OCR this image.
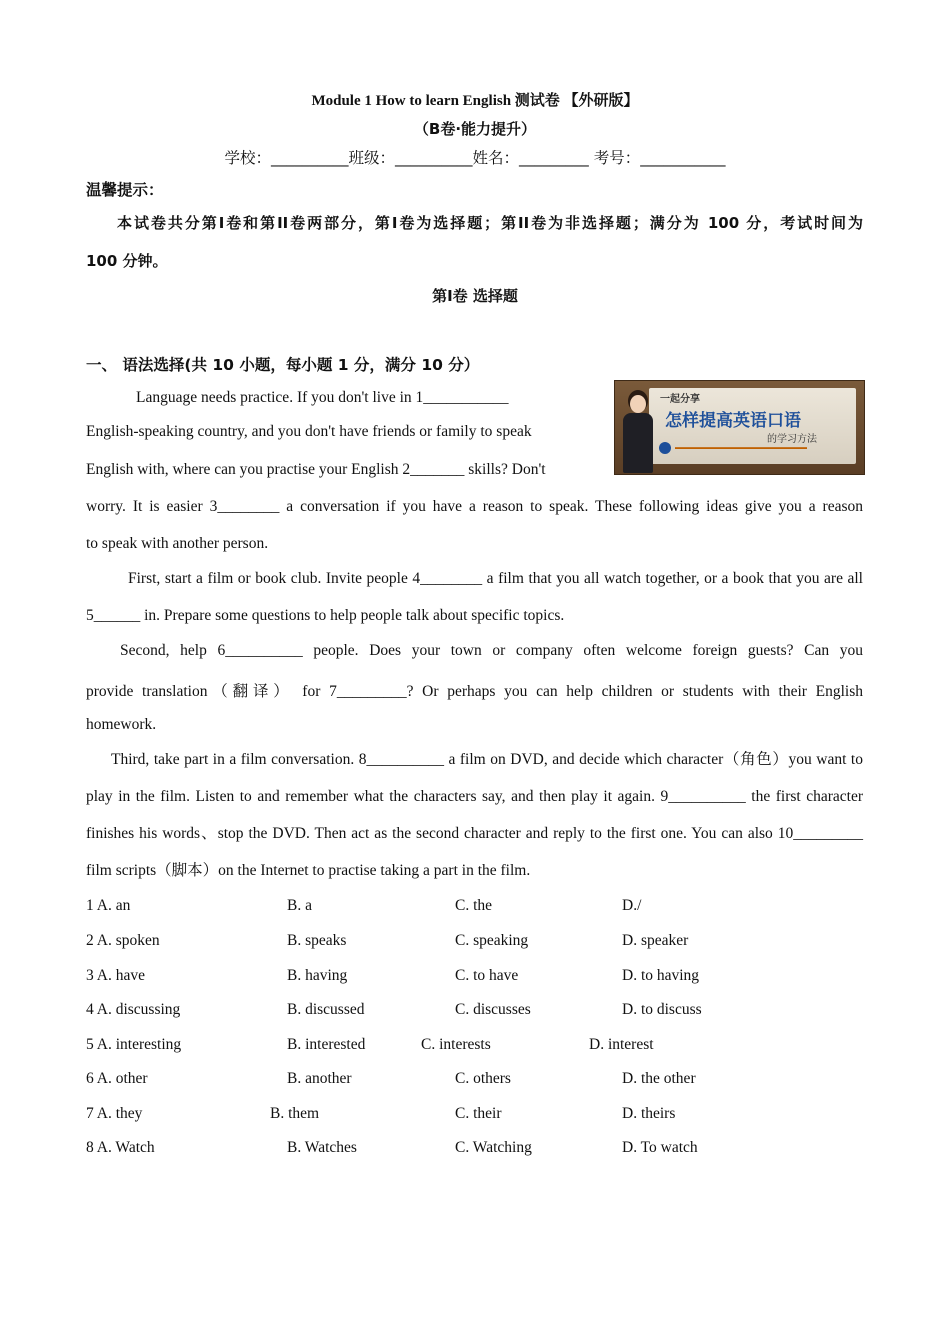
Module 1 How to learn English 测试卷 【外研版】
（B卷·能力提升）
学校：__________班级：__________姓名：_________ 考号：___________
温馨提示：
本试卷共分第I卷和第II卷两部分，第I卷为选择题；第II卷为非选择题；满分为 100 分，考试时间为
100 分钟。
第I卷 选择题
一、 语法选择(共 10 小题，每小题 1 分，满分 10 分）
一起分享
怎样提高英语口语
的学习方法
▬▬▬▬▬▬▬▬▬▬▬▬▬▬▬▬▬▬▬▬▬▬
Language needs practice. If you don't live in 1___________
English-speaking country, and you don't have friends or family to speak
English with, where can you practise your English 2_______ skills? Don't
worry. It is easier 3________ a conversation if you have a reason to speak. These following ideas give you a reason
to speak with another person.
First, start a film or book club. Invite people 4________ a film that you all watch together, or a book that you are all 5______ in. Prepare some questions to help people talk about specific topics.
Second, help 6__________ people. Does your town or company often welcome foreign guests? Can you
provide translation（翻译） for 7_________? Or perhaps you can help children or students with their English
homework.
Third, take part in a film conversation. 8__________ a film on DVD, and decide which character（角色）you want to play in the film. Listen to and remember what the characters say, and then play it again. 9__________ the first character finishes his words、stop the DVD. Then act as the second character and reply to the first one. You can also 10_________ film scripts（脚本）on the Internet to practise taking a part in the film.
1 A. an	B. a	C. the	D./
2 A. spoken	B. speaks	C. speaking	D. speaker
3 A. have	B. having	C. to have	D. to having
4 A. discussing	B. discussed	C. discusses	D. to discuss
5 A. interesting	B. interested	C. interests	D. interest
6 A. other	B. another	C. others	D. the other
7 A. they	B. them	C. their	D. theirs
8 A. Watch	B. Watches	C. Watching	D. To watch
